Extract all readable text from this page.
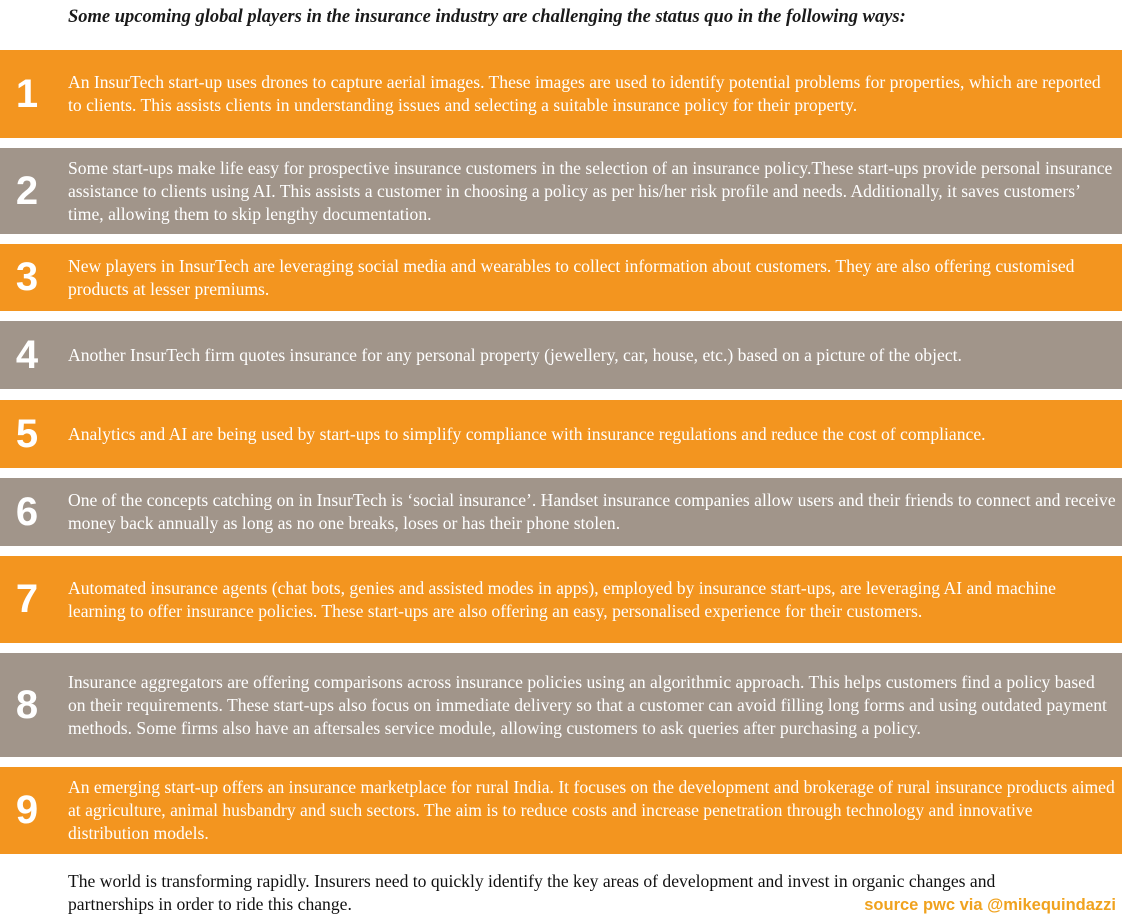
Some upcoming global players in the insurance industry are challenging the status quo in the following ways:
1	An InsurTech start-up uses drones to capture aerial images. These images are used to identify potential problems for properties, which are reported to clients. This assists clients in understanding issues and selecting a suitable insurance policy for their property.
2
Some start-ups make life easy for prospective insurance customers in the selection of an insurance policy.These start-ups provide personal insurance assistance to clients using AI. This assists a customer in choosing a policy as per his/her risk profile and needs. Additionally, it saves customers’ time, allowing them to skip lengthy documentation.
3	New players in InsurTech are leveraging social media and wearables to collect information about customers. They are also offering customised products at lesser premiums.
4	Another InsurTech firm quotes insurance for any personal property (jewellery, car, house, etc.) based on a picture of the object.
5	Analytics and AI are being used by start-ups to simplify compliance with insurance regulations and reduce the cost of compliance.
6	One of the concepts catching on in InsurTech is ‘social insurance’. Handset insurance companies allow users and their friends to connect and receive money back annually as long as no one breaks, loses or has their phone stolen.
7	Automated insurance agents (chat bots, genies and assisted modes in apps), employed by insurance start-ups, are leveraging AI and machine learning to offer insurance policies. These start-ups are also offering an easy, personalised experience for their customers.
8
Insurance aggregators are offering comparisons across insurance policies using an algorithmic approach. This helps customers find a policy based on their requirements. These start-ups also focus on immediate delivery so that a customer can avoid filling long forms and using outdated payment methods. Some firms also have an aftersales service module, allowing customers to ask queries after purchasing a policy.
9
An emerging start-up offers an insurance marketplace for rural India. It focuses on the development and brokerage of rural insurance products aimed at agriculture, animal husbandry and such sectors. The aim is to reduce costs and increase penetration through technology and innovative distribution models.
The world is transforming rapidly. Insurers need to quickly identify the key areas of development and invest in organic changes and partnerships in order to ride this change.	source pwc via @mikequindazzi
